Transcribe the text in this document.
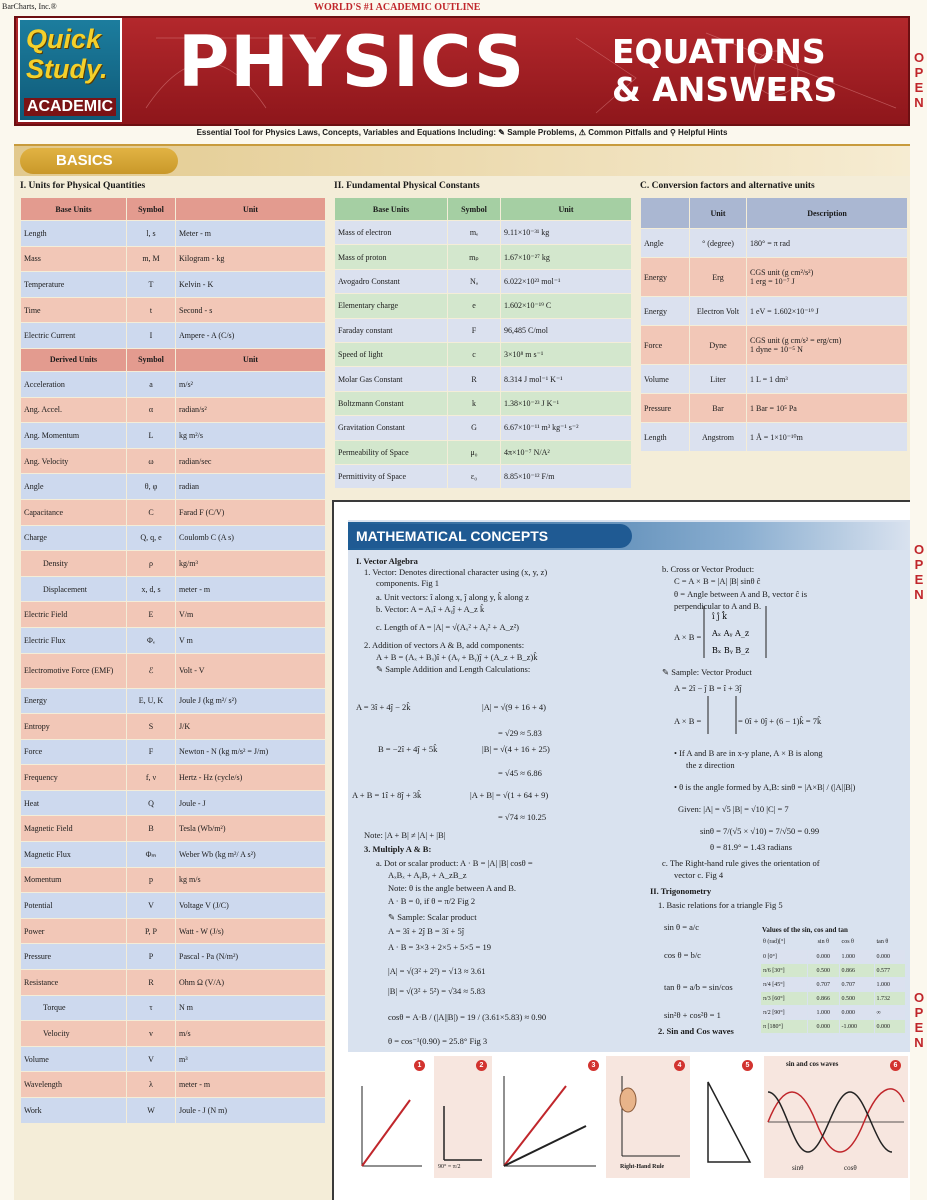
BarCharts, Inc.®	WORLD'S #1 ACADEMIC OUTLINE
Quick
Study.
ACADEMIC
PHYSICS	EQUATIONS
& ANSWERS
Essential Tool for Physics Laws, Concepts, Variables and Equations Including: ✎ Sample Problems, ⚠ Common Pitfalls and ⚲ Helpful Hints
O
P
E
N
O
P
E
N
O
P
E
N
BASICS
I. Units for Physical Quantities
Base Units	Symbol	Unit
Length	l, s	Meter - m
Mass	m, M	Kilogram - kg
Temperature	T	Kelvin - K
Time	t	Second - s
Electric Current	I	Ampere - A (C/s)
Derived Units	Symbol	Unit
Acceleration	a	m/s²
Ang. Accel.	α	radian/s²
Ang. Momentum	L	kg m²/s
Ang. Velocity	ω	radian/sec
Angle	θ, φ	radian
Capacitance	C	Farad F (C/V)
Charge	Q, q, e	Coulomb C (A s)
Density	ρ	kg/m³
Displacement	x, d, s	meter - m
Electric Field	E	V/m
Electric Flux	Φₑ	V m
Electromotive Force (EMF)	ℰ	Volt - V
Energy	E, U, K	Joule J (kg m²/ s²)
Entropy	S	J/K
Force	F	Newton - N (kg m/s² = J/m)
Frequency	f, ν	Hertz - Hz (cycle/s)
Heat	Q	Joule - J
Magnetic Field	B	Tesla (Wb/m²)
Magnetic Flux	Φₘ	Weber Wb (kg m²/ A s²)
Momentum	p	kg m/s
Potential	V	Voltage V (J/C)
Power	P, P	Watt - W (J/s)
Pressure	P	Pascal - Pa (N/m²)
Resistance	R	Ohm Ω (V/A)
Torque	τ	N m
Velocity	v	m/s
Volume	V	m³
Wavelength	λ	meter - m
Work	W	Joule - J (N m)
II. Fundamental Physical Constants
Base Units	Symbol	Unit
Mass of electron	mₑ	9.11×10⁻³¹ kg
Mass of proton	mₚ	1.67×10⁻²⁷ kg
Avogadro Constant	Nₐ	6.022×10²³ mol⁻¹
Elementary charge	e	1.602×10⁻¹⁹ C
Faraday constant	F	96,485 C/mol
Speed of light	c	3×10⁸ m s⁻¹
Molar Gas Constant	R	8.314 J mol⁻¹ K⁻¹
Boltzmann Constant	k	1.38×10⁻²³ J K⁻¹
Gravitation Constant	G	6.67×10⁻¹¹ m³ kg⁻¹ s⁻²
Permeability of Space	μ₀	4π×10⁻⁷ N/A²
Permittivity of Space	ε₀	8.85×10⁻¹² F/m
C. Conversion factors and alternative units
	Unit	Description
Angle	° (degree)	180° = π rad
Energy	Erg	CGS unit (g cm²/s²)
1 erg = 10⁻⁷ J
Energy	Electron Volt	1 eV = 1.602×10⁻¹⁹ J
Force	Dyne	CGS unit (g cm/s² = erg/cm)
1 dyne = 10⁻⁵ N
Volume	Liter	1 L = 1 dm³
Pressure	Bar	1 Bar = 10⁵ Pa
Length	Angstrom	1 Å = 1×10⁻¹⁰m
MATHEMATICAL CONCEPTS
I. Vector Algebra
1. Vector: Denotes directional character using (x, y, z)
components. Fig 1
a. Unit vectors: î along x, ĵ along y, k̂ along z
b. Vector: A = Aₓî + Aᵧĵ + A_z k̂
c. Length of A = |A| = √(Aₓ² + Aᵧ² + A_z²)
2. Addition of vectors A & B, add components:
A + B = (Aₓ + Bₓ)î + (Aᵧ + Bᵧ)ĵ + (A_z + B_z)k̂
✎ Sample Addition and Length Calculations:
A = 3î + 4ĵ − 2k̂	|A| = √(9 + 16 + 4)
= √29 ≈ 5.83
B = −2î + 4ĵ + 5k̂	|B| = √(4 + 16 + 25)
= √45 ≈ 6.86
A + B = 1î + 8ĵ + 3k̂	|A + B| = √(1 + 64 + 9)
= √74 ≈ 10.25
Note: |A + B| ≠ |A| + |B|
3. Multiply A & B:
a. Dot or scalar product: A · B = |A| |B| cosθ =
AₓBₓ + AᵧBᵧ + A_zB_z
Note: θ is the angle between A and B.
A · B = 0, if θ = π/2 Fig 2
✎ Sample: Scalar product
A = 3î + 2ĵ B = 3î + 5ĵ
A · B = 3×3 + 2×5 + 5×5 = 19
|A| = √(3² + 2²) = √13 ≈ 3.61
|B| = √(3² + 5²) = √34 ≈ 5.83
cosθ = A·B / (|A||B|) = 19 / (3.61×5.83) ≈ 0.90
θ = cos⁻¹(0.90) = 25.8° Fig 3
b. Cross or Vector Product:
C = A × B = |A| |B| sinθ ĉ
θ = Angle between A and B, vector ĉ is
perpendicular to A and B.
A × B =
✎ Sample: Vector Product
A = 2î − ĵ B = î + 3ĵ
A × B =	= 0î + 0ĵ + (6 − 1)k̂ = 7k̂
• If A and B are in x-y plane, A × B is along
the z direction
• θ is the angle formed by A,B: sinθ = |A×B| / (|A||B|)
Given: |A| = √5 |B| = √10 |C| = 7
sinθ = 7/(√5 × √10) = 7/√50 = 0.99
θ = 81.9° = 1.43 radians
c. The Right-hand rule gives the orientation of
vector c. Fig 4
II. Trigonometry
1. Basic relations for a triangle Fig 5
sin θ = a/c
cos θ = b/c
tan θ = a/b = sin/cos
sin²θ + cos²θ = 1
2. Sin and Cos waves
î ĵ k̂
Aₓ Aᵧ A_z
Bₓ Bᵧ B_z
Values of the sin, cos and tan
θ (rad)[°]	sin θ	cos θ	tan θ
0 [0°]	0.000	1.000	0.000
π/6 [30°]	0.500	0.866	0.577
π/4 [45°]	0.707	0.707	1.000
π/3 [60°]	0.866	0.500	1.732
π/2 [90°]	1.000	0.000	∞
π [180°]	0.000	-1.000	0.000
1
90° = π/2
2	3
Right-Hand Rule
4	5	sin and cos waves
sinθ	cosθ
6
